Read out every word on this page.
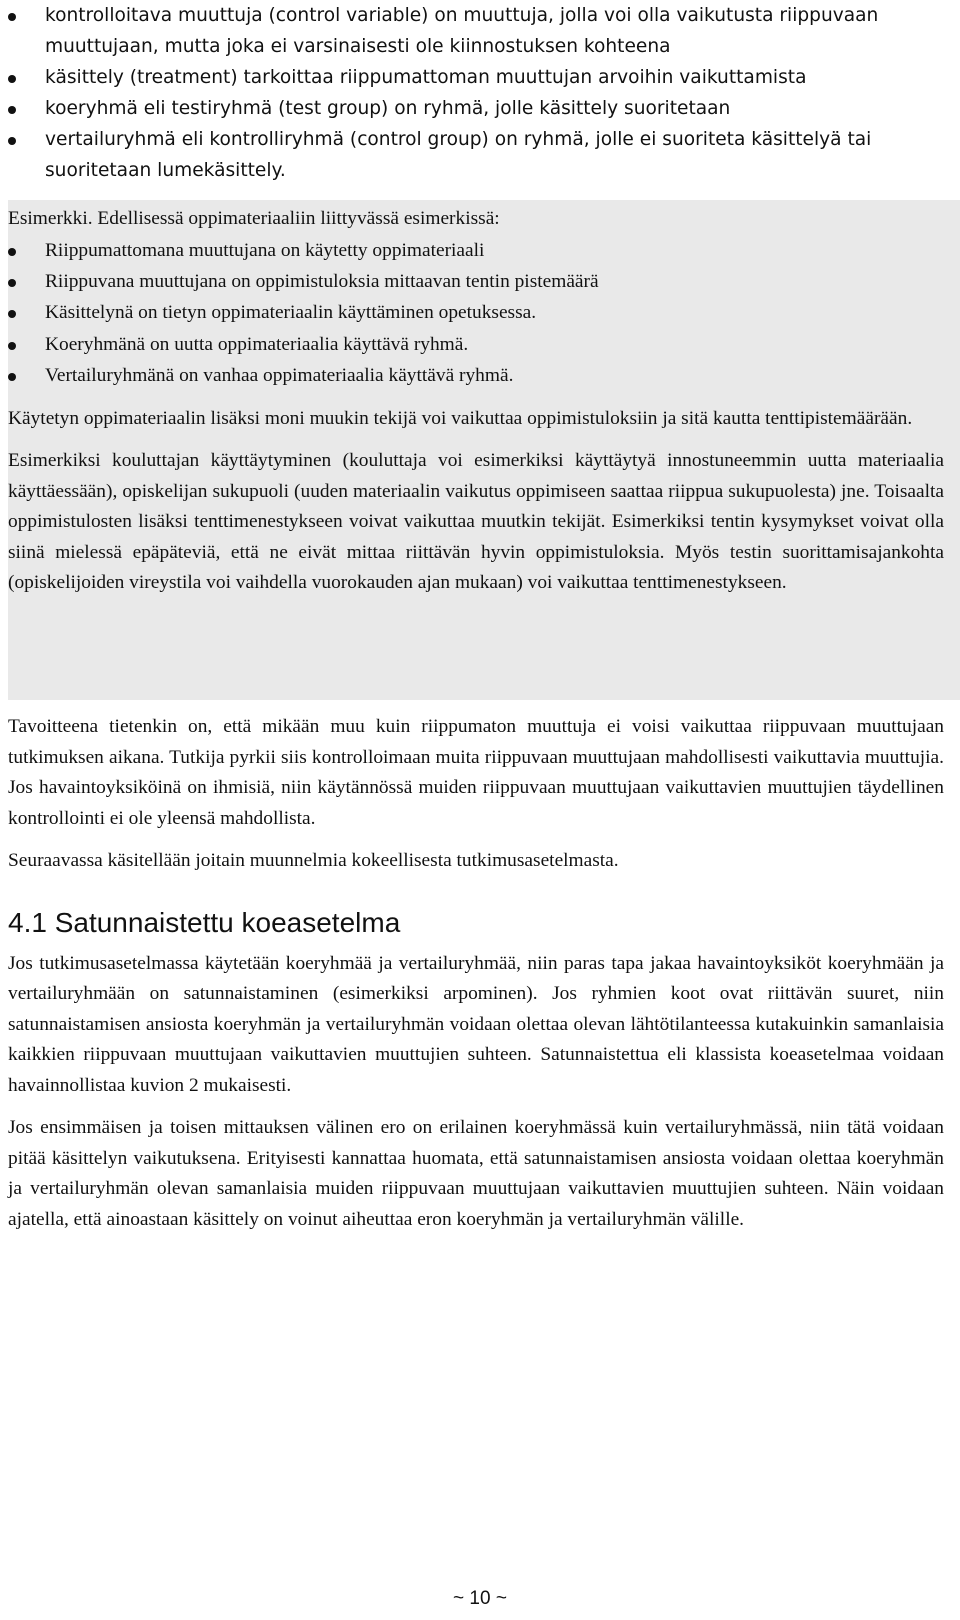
kontrolloitava muuttuja (control variable) on muuttuja, jolla voi olla vaikutusta riippuvaan muuttujaan, mutta joka ei varsinaisesti ole kiinnostuksen kohteena
käsittely (treatment) tarkoittaa riippumattoman muuttujan arvoihin vaikuttamista
koeryhmä eli testiryhmä (test group) on ryhmä, jolle käsittely suoritetaan
vertailuryhmä eli kontrolliryhmä (control group) on ryhmä, jolle ei suoriteta käsittelyä tai suoritetaan lumekäsittely.

Esimerkki. Edellisessä oppimateriaaliin liittyvässä esimerkissä:

Riippumattomana muuttujana on käytetty oppimateriaali
Riippuvana muuttujana on oppimistuloksia mittaavan tentin pistemäärä
Käsittelynä on tietyn oppimateriaalin käyttäminen opetuksessa.
Koeryhmänä on uutta oppimateriaalia käyttävä ryhmä.
Vertailuryhmänä on vanhaa oppimateriaalia käyttävä ryhmä.

Käytetyn oppimateriaalin lisäksi moni muukin tekijä voi vaikuttaa oppimistuloksiin ja sitä kautta tenttipistemäärään.

Esimerkiksi kouluttajan käyttäytyminen (kouluttaja voi esimerkiksi käyttäytyä innostuneemmin uutta materiaalia käyttäessään), opiskelijan sukupuoli (uuden materiaalin vaikutus oppimiseen saattaa riippua sukupuolesta) jne. Toisaalta oppimistulosten lisäksi tenttimenestykseen voivat vaikuttaa muutkin tekijät. Esimerkiksi tentin kysymykset voivat olla siinä mielessä epäpäteviä, että ne eivät mittaa riittävän hyvin oppimistuloksia. Myös testin suorittamisajankohta (opiskelijoiden vireystila voi vaihdella vuorokauden ajan mukaan) voi vaikuttaa tenttimenestykseen.

Tavoitteena tietenkin on, että mikään muu kuin riippumaton muuttuja ei voisi vaikuttaa riippuvaan muuttujaan tutkimuksen aikana. Tutkija pyrkii siis kontrolloimaan muita riippuvaan muuttujaan mahdollisesti vaikuttavia muuttujia. Jos havaintoyksiköinä on ihmisiä, niin käytännössä muiden riippuvaan muuttujaan vaikuttavien muuttujien täydellinen kontrollointi ei ole yleensä mahdollista.

Seuraavassa käsitellään joitain muunnelmia kokeellisesta tutkimusasetelmasta.

4.1 Satunnaistettu koeasetelma

Jos tutkimusasetelmassa käytetään koeryhmää ja vertailuryhmää, niin paras tapa jakaa havaintoyksiköt koeryhmään ja vertailuryhmään on satunnaistaminen (esimerkiksi arpominen). Jos ryhmien koot ovat riittävän suuret, niin satunnaistamisen ansiosta koeryhmän ja vertailuryhmän voidaan olettaa olevan lähtötilanteessa kutakuinkin samanlaisia kaikkien riippuvaan muuttujaan vaikuttavien muuttujien suhteen. Satunnaistettua eli klassista koeasetelmaa voidaan havainnollistaa kuvion 2 mukaisesti.

Jos ensimmäisen ja toisen mittauksen välinen ero on erilainen koeryhmässä kuin vertailuryhmässä, niin tätä voidaan pitää käsittelyn vaikutuksena. Erityisesti kannattaa huomata, että satunnaistamisen ansiosta voidaan olettaa koeryhmän ja vertailuryhmän olevan samanlaisia muiden riippuvaan muuttujaan vaikuttavien muuttujien suhteen. Näin voidaan ajatella, että ainoastaan käsittely on voinut aiheuttaa eron koeryhmän ja vertailuryhmän välille.

~ 10 ~
